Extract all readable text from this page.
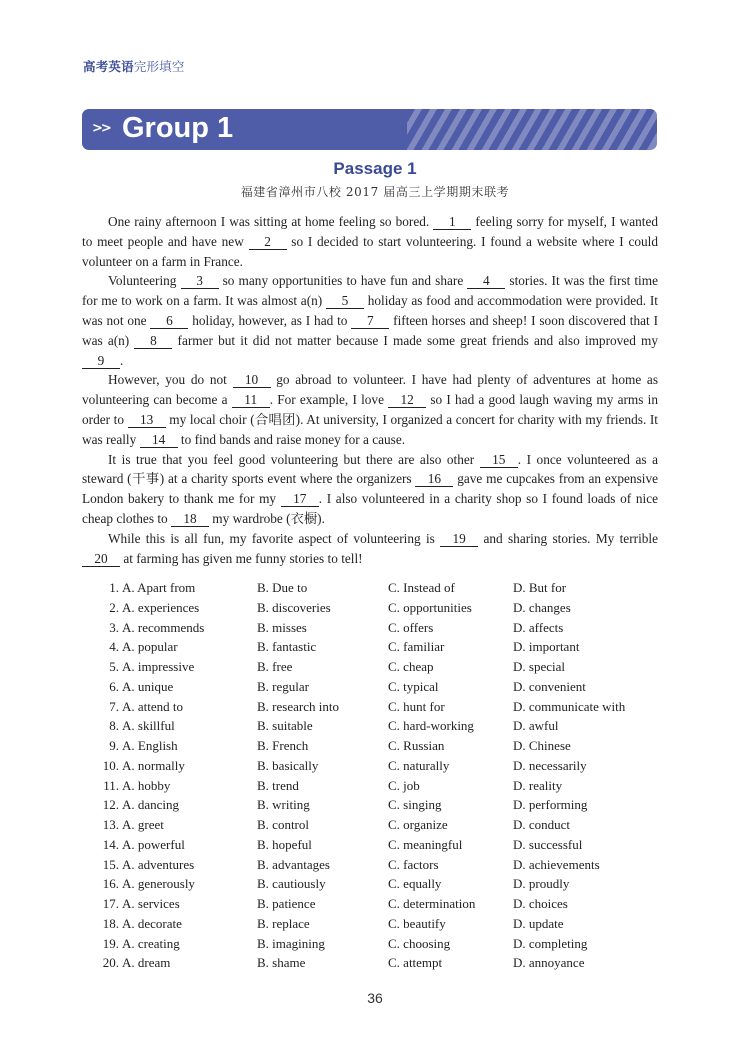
高考英语完形填空
>> Group 1
Passage 1
福建省漳州市八校 2017 届高三上学期期末联考

One rainy afternoon I was sitting at home feeling so bored. 1 feeling sorry for myself, I wanted to meet people and have new 2 so I decided to start volunteering. I found a website where I could volunteer on a farm in France.

Volunteering 3 so many opportunities to have fun and share 4 stories. It was the first time for me to work on a farm. It was almost a(n) 5 holiday as food and accommodation were provided. It was not one 6 holiday, however, as I had to 7 fifteen horses and sheep! I soon discovered that I was a(n) 8 farmer but it did not matter because I made some great friends and also improved my 9 .

However, you do not 10 go abroad to volunteer. I have had plenty of adventures at home as volunteering can become a 11 . For example, I love 12 so I had a good laugh waving my arms in order to 13 my local choir (合唱团). At university, I organized a concert for charity with my friends. It was really 14 to find bands and raise money for a cause.

It is true that you feel good volunteering but there are also other 15 . I once volunteered as a steward (干事) at a charity sports event where the organizers 16 gave me cupcakes from an expensive London bakery to thank me for my 17 . I also volunteered in a charity shop so I found loads of nice cheap clothes to 18 my wardrobe (衣橱).

While this is all fun, my favorite aspect of volunteering is 19 and sharing stories. My terrible 20 at farming has given me funny stories to tell!

1. A. Apart from	B. Due to	C. Instead of	D. But for
2. A. experiences	B. discoveries	C. opportunities	D. changes
3. A. recommends	B. misses	C. offers	D. affects
4. A. popular	B. fantastic	C. familiar	D. important
5. A. impressive	B. free	C. cheap	D. special
6. A. unique	B. regular	C. typical	D. convenient
7. A. attend to	B. research into	C. hunt for	D. communicate with
8. A. skillful	B. suitable	C. hard-working	D. awful
9. A. English	B. French	C. Russian	D. Chinese
10. A. normally	B. basically	C. naturally	D. necessarily
11. A. hobby	B. trend	C. job	D. reality
12. A. dancing	B. writing	C. singing	D. performing
13. A. greet	B. control	C. organize	D. conduct
14. A. powerful	B. hopeful	C. meaningful	D. successful
15. A. adventures	B. advantages	C. factors	D. achievements
16. A. generously	B. cautiously	C. equally	D. proudly
17. A. services	B. patience	C. determination	D. choices
18. A. decorate	B. replace	C. beautify	D. update
19. A. creating	B. imagining	C. choosing	D. completing
20. A. dream	B. shame	C. attempt	D. annoyance
36
